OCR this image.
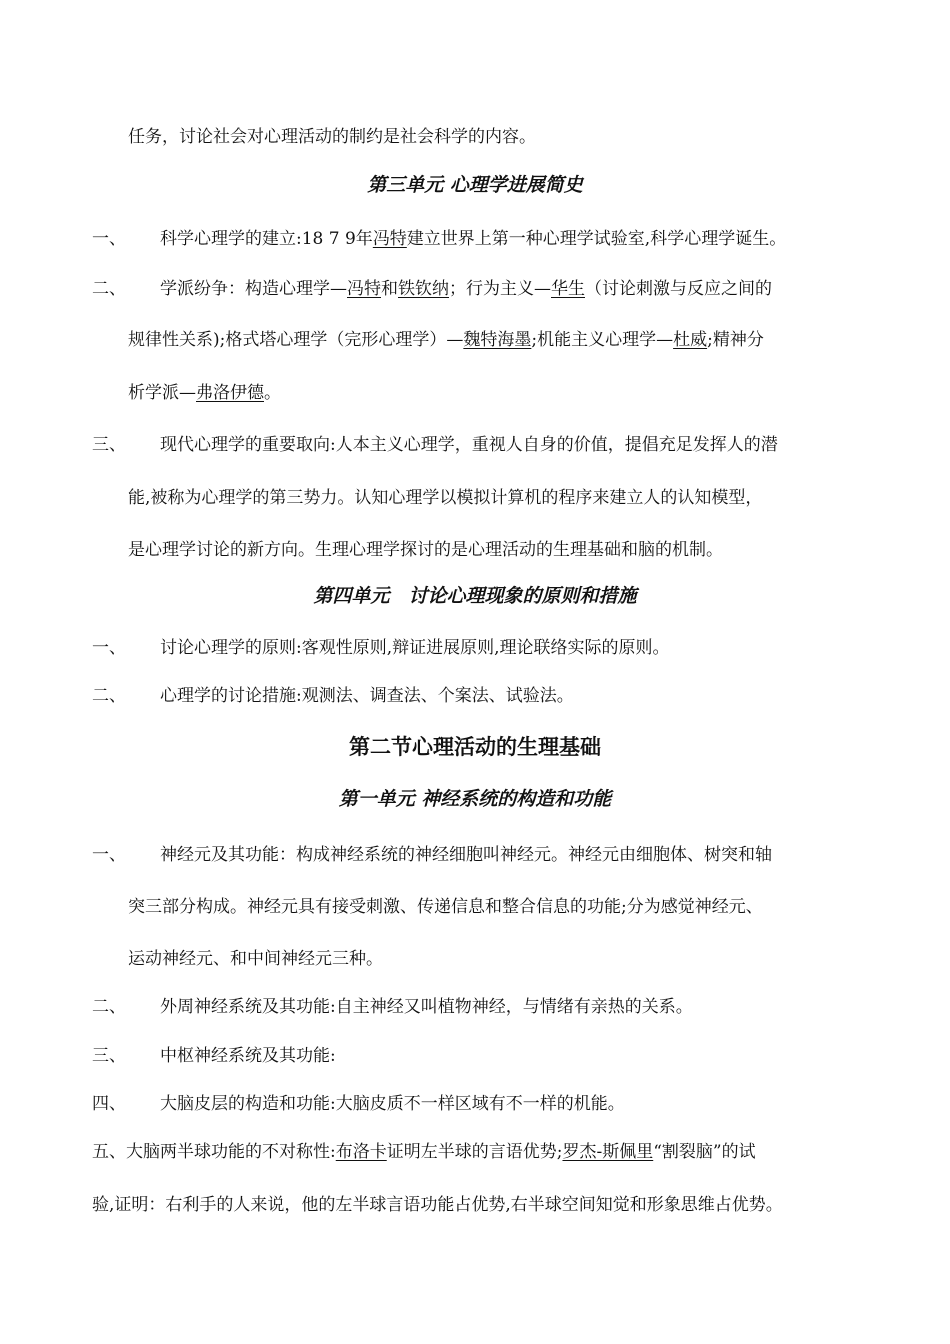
任务，讨论社会对心理活动的制约是社会科学的内容。
第三单元 心理学进展简史
一、	科学心理学的建立:18 7 9年冯特建立世界上第一种心理学试验室,科学心理学诞生。
二、	学派纷争：构造心理学—冯特和铁钦纳；行为主义—华生（讨论刺激与反应之间的
规律性关系);格式塔心理学（完形心理学）—魏特海墨;机能主义心理学—杜威;精神分
析学派—弗洛伊德。
三、	现代心理学的重要取向:人本主义心理学，重视人自身的价值，提倡充足发挥人的潜
能,被称为心理学的第三势力。认知心理学以模拟计算机的程序来建立人的认知模型，
是心理学讨论的新方向。生理心理学探讨的是心理活动的生理基础和脑的机制。
第四单元　讨论心理现象的原则和措施
一、	讨论心理学的原则:客观性原则,辩证进展原则,理论联络实际的原则。
二、	心理学的讨论措施:观测法、调查法、个案法、试验法。
第二节心理活动的生理基础
第一单元 神经系统的构造和功能
一、	神经元及其功能：构成神经系统的神经细胞叫神经元。神经元由细胞体、树突和轴
突三部分构成。神经元具有接受刺激、传递信息和整合信息的功能;分为感觉神经元、
运动神经元、和中间神经元三种。
二、	外周神经系统及其功能:自主神经又叫植物神经，与情绪有亲热的关系。
三、	中枢神经系统及其功能:
四、	大脑皮层的构造和功能:大脑皮质不一样区域有不一样的机能。
五、大脑两半球功能的不对称性:布洛卡证明左半球的言语优势;罗杰-斯佩里“割裂脑”的试
验,证明：右利手的人来说，他的左半球言语功能占优势,右半球空间知觉和形象思维占优势。
